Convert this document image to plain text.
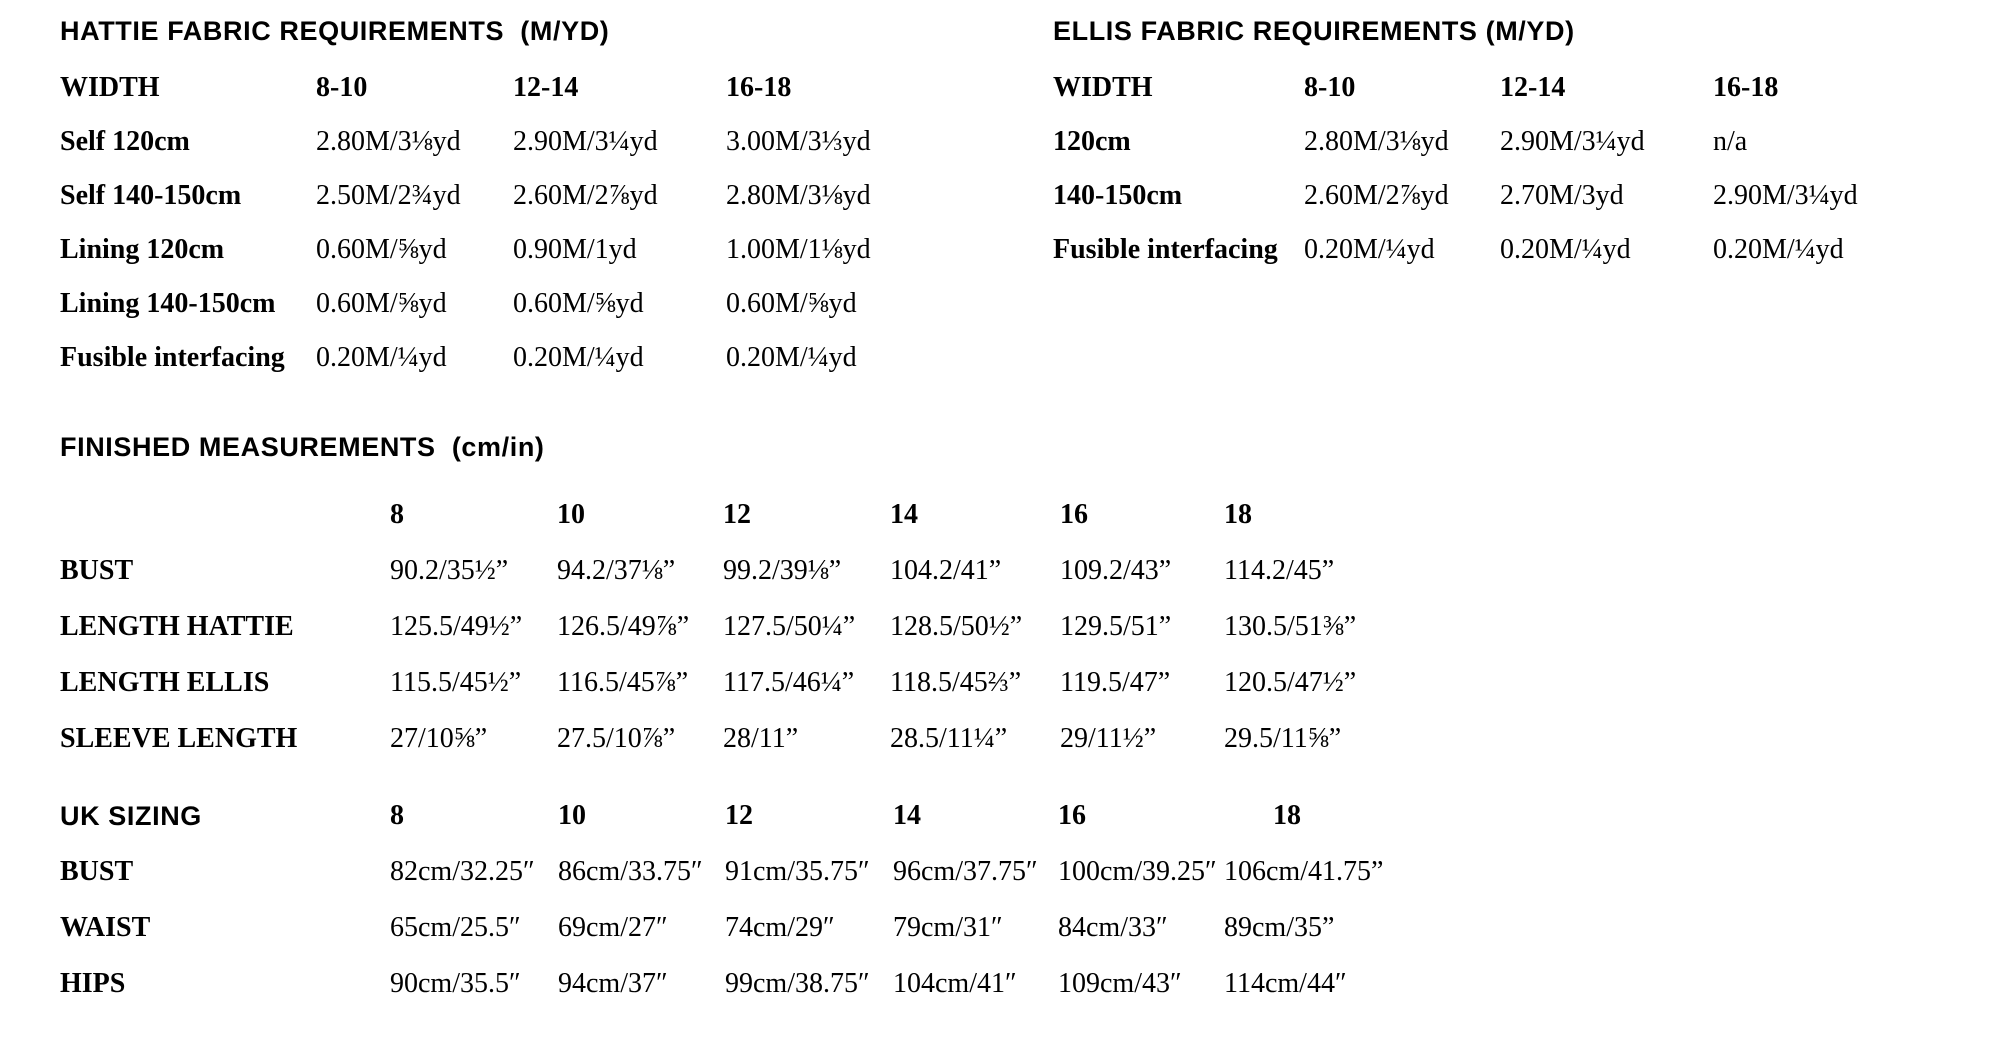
HATTIE FABRIC REQUIREMENTS  (M/YD)
WIDTH	8-10	12-14	16-18
Self 120cm	2.80M/3⅛yd	2.90M/3¼yd	3.00M/3⅓yd
Self 140-150cm	2.50M/2¾yd	2.60M/2⅞yd	2.80M/3⅛yd
Lining 120cm	0.60M/⅝yd	0.90M/1yd	1.00M/1⅛yd
Lining 140-150cm	0.60M/⅝yd	0.60M/⅝yd	0.60M/⅝yd
Fusible interfacing	0.20M/¼yd	0.20M/¼yd	0.20M/¼yd
ELLIS FABRIC REQUIREMENTS (M/YD)
WIDTH	8-10	12-14	16-18
120cm	2.80M/3⅛yd	2.90M/3¼yd	n/a
140-150cm	2.60M/2⅞yd	2.70M/3yd	2.90M/3¼yd
Fusible interfacing 0.20M/¼yd	0.20M/¼yd	0.20M/¼yd
FINISHED MEASUREMENTS  (cm/in)
8	10	12	14	16	18
BUST	90.2/35½”	94.2/37⅛”	99.2/39⅛”	104.2/41”	109.2/43”	114.2/45”
LENGTH HATTIE	125.5/49½”	126.5/49⅞”	127.5/50¼”	128.5/50½”	129.5/51”	130.5/51⅜”
LENGTH ELLIS	115.5/45½”	116.5/45⅞”	117.5/46¼”	118.5/45⅔”	119.5/47”	120.5/47½”
SLEEVE LENGTH	27/10⅝”	27.5/10⅞”	28/11”	28.5/11¼”	29/11½”	29.5/11⅝”
UK SIZING	8	10	12	14	16	18
BUST	82cm/32.25″ 86cm/33.75″ 91cm/35.75″ 96cm/37.75″ 100cm/39.25″ 106cm/41.75”
WAIST	65cm/25.5″	69cm/27″	74cm/29″	79cm/31″	84cm/33″	89cm/35”
HIPS	90cm/35.5″	94cm/37″	99cm/38.75″ 104cm/41″	109cm/43″	114cm/44″
